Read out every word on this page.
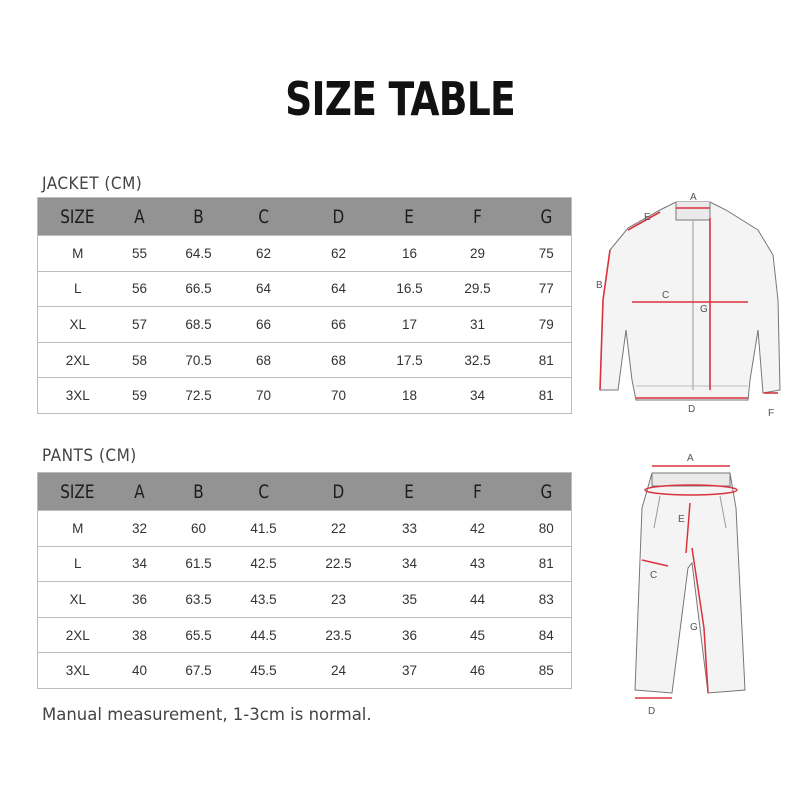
SIZE TABLE
JACKET (CM)
SIZE	A	B	C	D	E	F	G
M	55	64.5	62	62	16	29	75
L	56	66.5	64	64	16.5	29.5	77
XL	57	68.5	66	66	17	31	79
2XL	58	70.5	68	68	17.5	32.5	81
3XL	59	72.5	70	70	18	34	81
PANTS (CM)
SIZE	A	B	C	D	E	F	G
M	32	60	41.5	22	33	42	80
L	34	61.5	42.5	22.5	34	43	81
XL	36	63.5	43.5	23	35	44	83
2XL	38	65.5	44.5	23.5	36	45	84
3XL	40	67.5	45.5	24	37	46	85
Manual measurement, 1-3cm is normal.
A
B
C
D
E
F
G
A
C
D
E
G
